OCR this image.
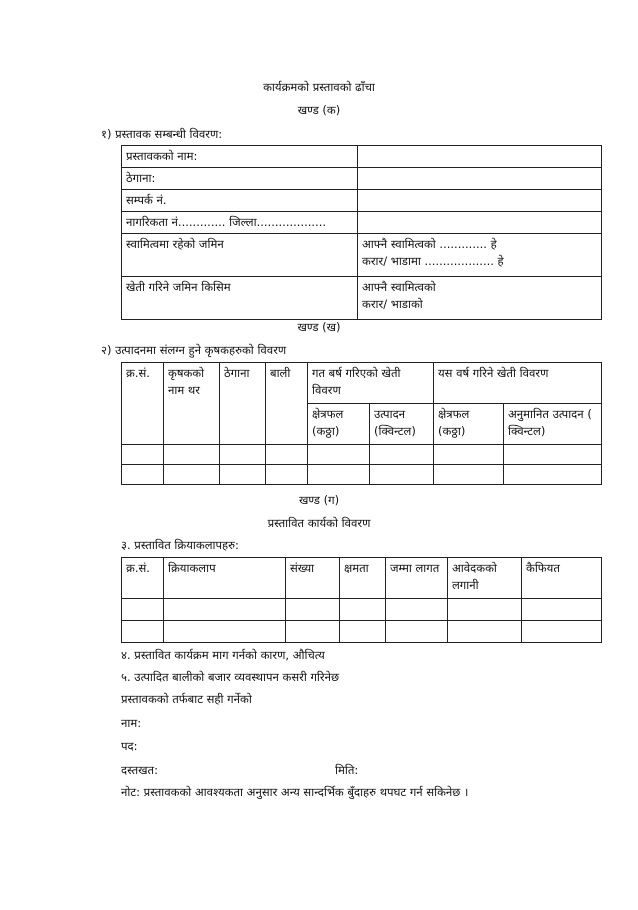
कार्यक्रमको प्रस्तावको ढाँचा
खण्ड (क)
१) प्रस्तावक सम्बन्धी विवरण:
प्रस्तावकको नाम:	
ठेगाना:	
सम्पर्क नं.	
नागरिकता नं............. जिल्ला...................	
स्वामित्वमा रहेको जमिन	आफ्नै स्वामित्वको ............. हे
करार/ भाडामा ................... हे

खेती गरिने जमिन किसिम	आफ्नै स्वामित्वको
करार/ भाडाको
खण्ड (ख)
२) उत्पादनमा संलग्न हुने कृषकहरुको विवरण
क्र.सं.	कृषकको नाम थर	ठेगाना	बाली	गत बर्ष गरिएको खेती विवरण		यस वर्ष गरिने खेती विवरण	
				क्षेत्रफल (कठ्ठा)	उत्पादन (क्विन्टल)	क्षेत्रफल (कठ्ठा)	अनुमानित उत्पादन ( क्विन्टल)

खण्ड (ग)
प्रस्तावित कार्यको विवरण
३. प्रस्तावित क्रियाकलापहरु:
क्र.सं.	क्रियाकलाप	संख्या	क्षमता	जम्मा लागत	आवेदकको लगानी	कैफियत

४. प्रस्तावित कार्यक्रम माग गर्नको कारण, औचित्य
५. उत्पादित बालीको बजार व्यवस्थापन कसरी गरिनेछ
प्रस्तावकको तर्फबाट सही गर्नेको
नाम:
पद:
दस्तखत:	मिति:
नोट: प्रस्तावकको आवश्यकता अनुसार अन्य सान्दर्भिक बुँदाहरु थपघट गर्न सकिनेछ ।
